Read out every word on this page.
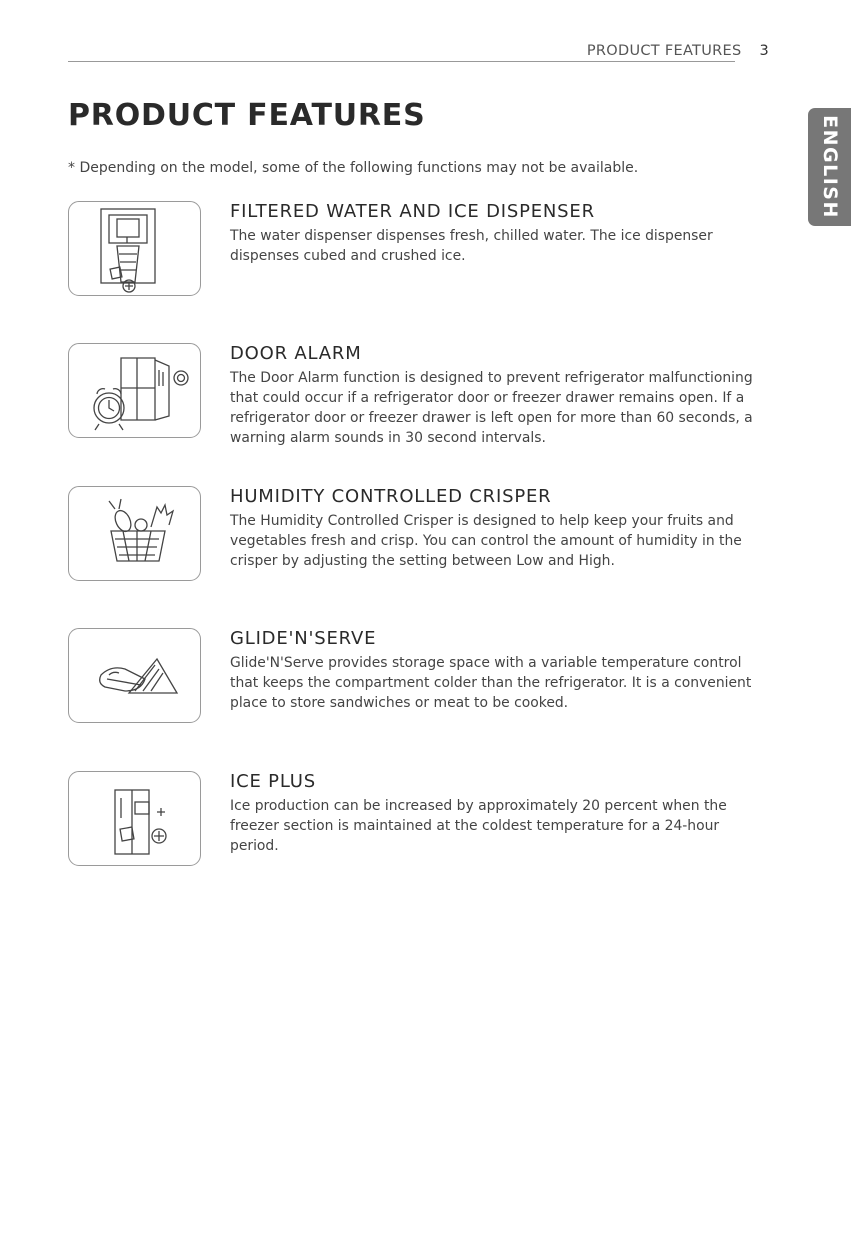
PRODUCT FEATURES 3
PRODUCT FEATURES	ENGLISH
* Depending on the model, some of the following functions may not be available.
FILTERED WATER AND ICE DISPENSER

The water dispenser dispenses fresh, chilled water. The ice dispenser dispenses cubed and crushed ice.

DOOR ALARM

The Door Alarm function is designed to prevent refrigerator malfunctioning that could occur if a refrigerator door or freezer drawer remains open. If a refrigerator door or freezer drawer is left open for more than 60 seconds, a warning alarm sounds in 30 second intervals.

HUMIDITY CONTROLLED CRISPER

The Humidity Controlled Crisper is designed to help keep your fruits and vegetables fresh and crisp. You can control the amount of humidity in the crisper by adjusting the setting between Low and High.

GLIDE'N'SERVE

Glide'N'Serve provides storage space with a variable temperature control that keeps the compartment colder than the refrigerator. It is a convenient place to store sandwiches or meat to be cooked.

ICE PLUS

Ice production can be increased by approximately 20 percent when the freezer section is maintained at the coldest temperature for a 24-hour period.
